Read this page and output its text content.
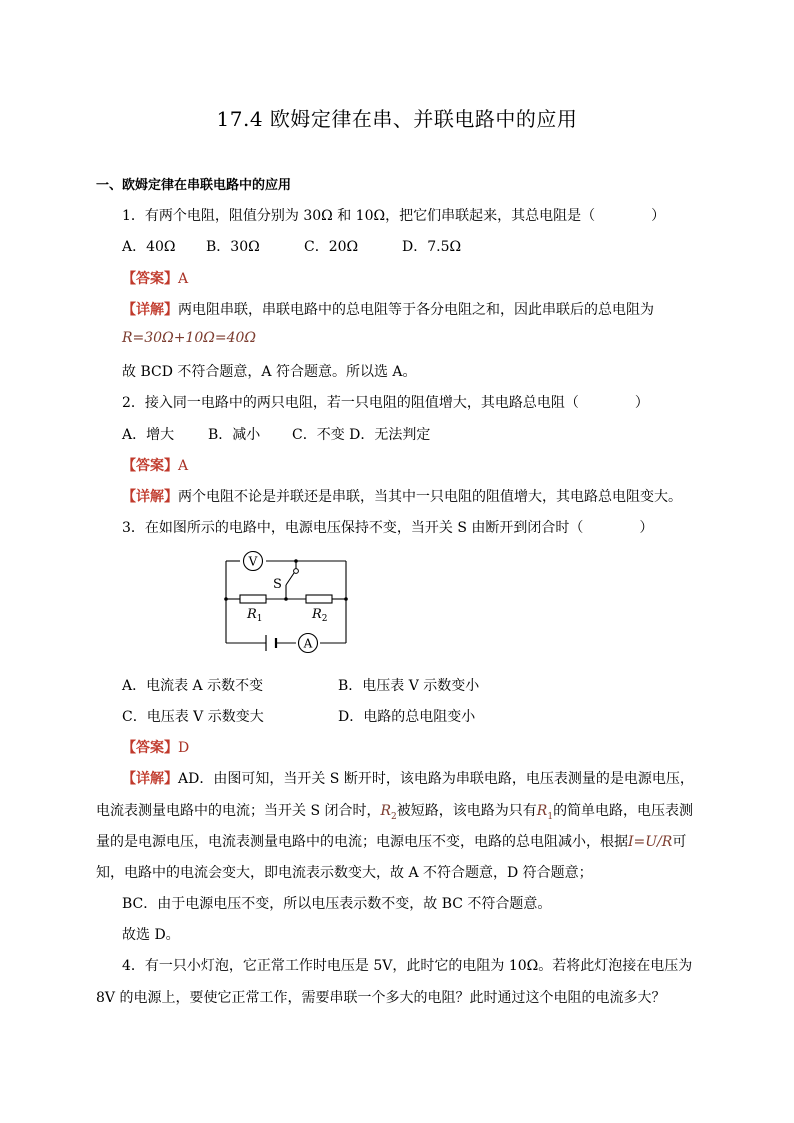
17.4 欧姆定律在串、并联电路中的应用
一、欧姆定律在串联电路中的应用
1．有两个电阻，阻值分别为 30Ω 和 10Ω，把它们串联起来，其总电阻是（	）
A．40Ω B．30Ω	C．20Ω	D．7.5Ω
【答案】A
【详解】两电阻串联，串联电路中的总电阻等于各分电阻之和，因此串联后的总电阻为
R=30Ω+10Ω=40Ω
故 BCD 不符合题意，A 符合题意。所以选 A。
2．接入同一电路中的两只电阻，若一只电阻的阻值增大，其电路总电阻（	）
A．增大 B．减小 C．不变 D．无法判定
【答案】A
【详解】两个电阻不论是并联还是串联，当其中一只电阻的阻值增大，其电路总电阻变大。
3．在如图所示的电路中，电源电压保持不变，当开关 S 由断开到闭合时（	）
V
A
S
$R_1$	$R_2$
A．电流表 A 示数不变	B．电压表 V 示数变小
C．电压表 V 示数变大	D．电路的总电阻变小
【答案】D
【详解】AD．由图可知，当开关 S 断开时，该电路为串联电路，电压表测量的是电源电压，
电流表测量电路中的电流；当开关 S 闭合时，$R_2$被短路，该电路为只有$R_1$的简单电路，电压表测
量的是电源电压，电流表测量电路中的电流；电源电压不变，电路的总电阻减小，根据I=U/R可
知，电路中的电流会变大，即电流表示数变大，故 A 不符合题意，D 符合题意；
BC．由于电源电压不变，所以电压表示数不变，故 BC 不符合题意。
故选 D。
4．有一只小灯泡，它正常工作时电压是 5V，此时它的电阻为 10Ω。若将此灯泡接在电压为
8V 的电源上，要使它正常工作，需要串联一个多大的电阻？此时通过这个电阻的电流多大？
